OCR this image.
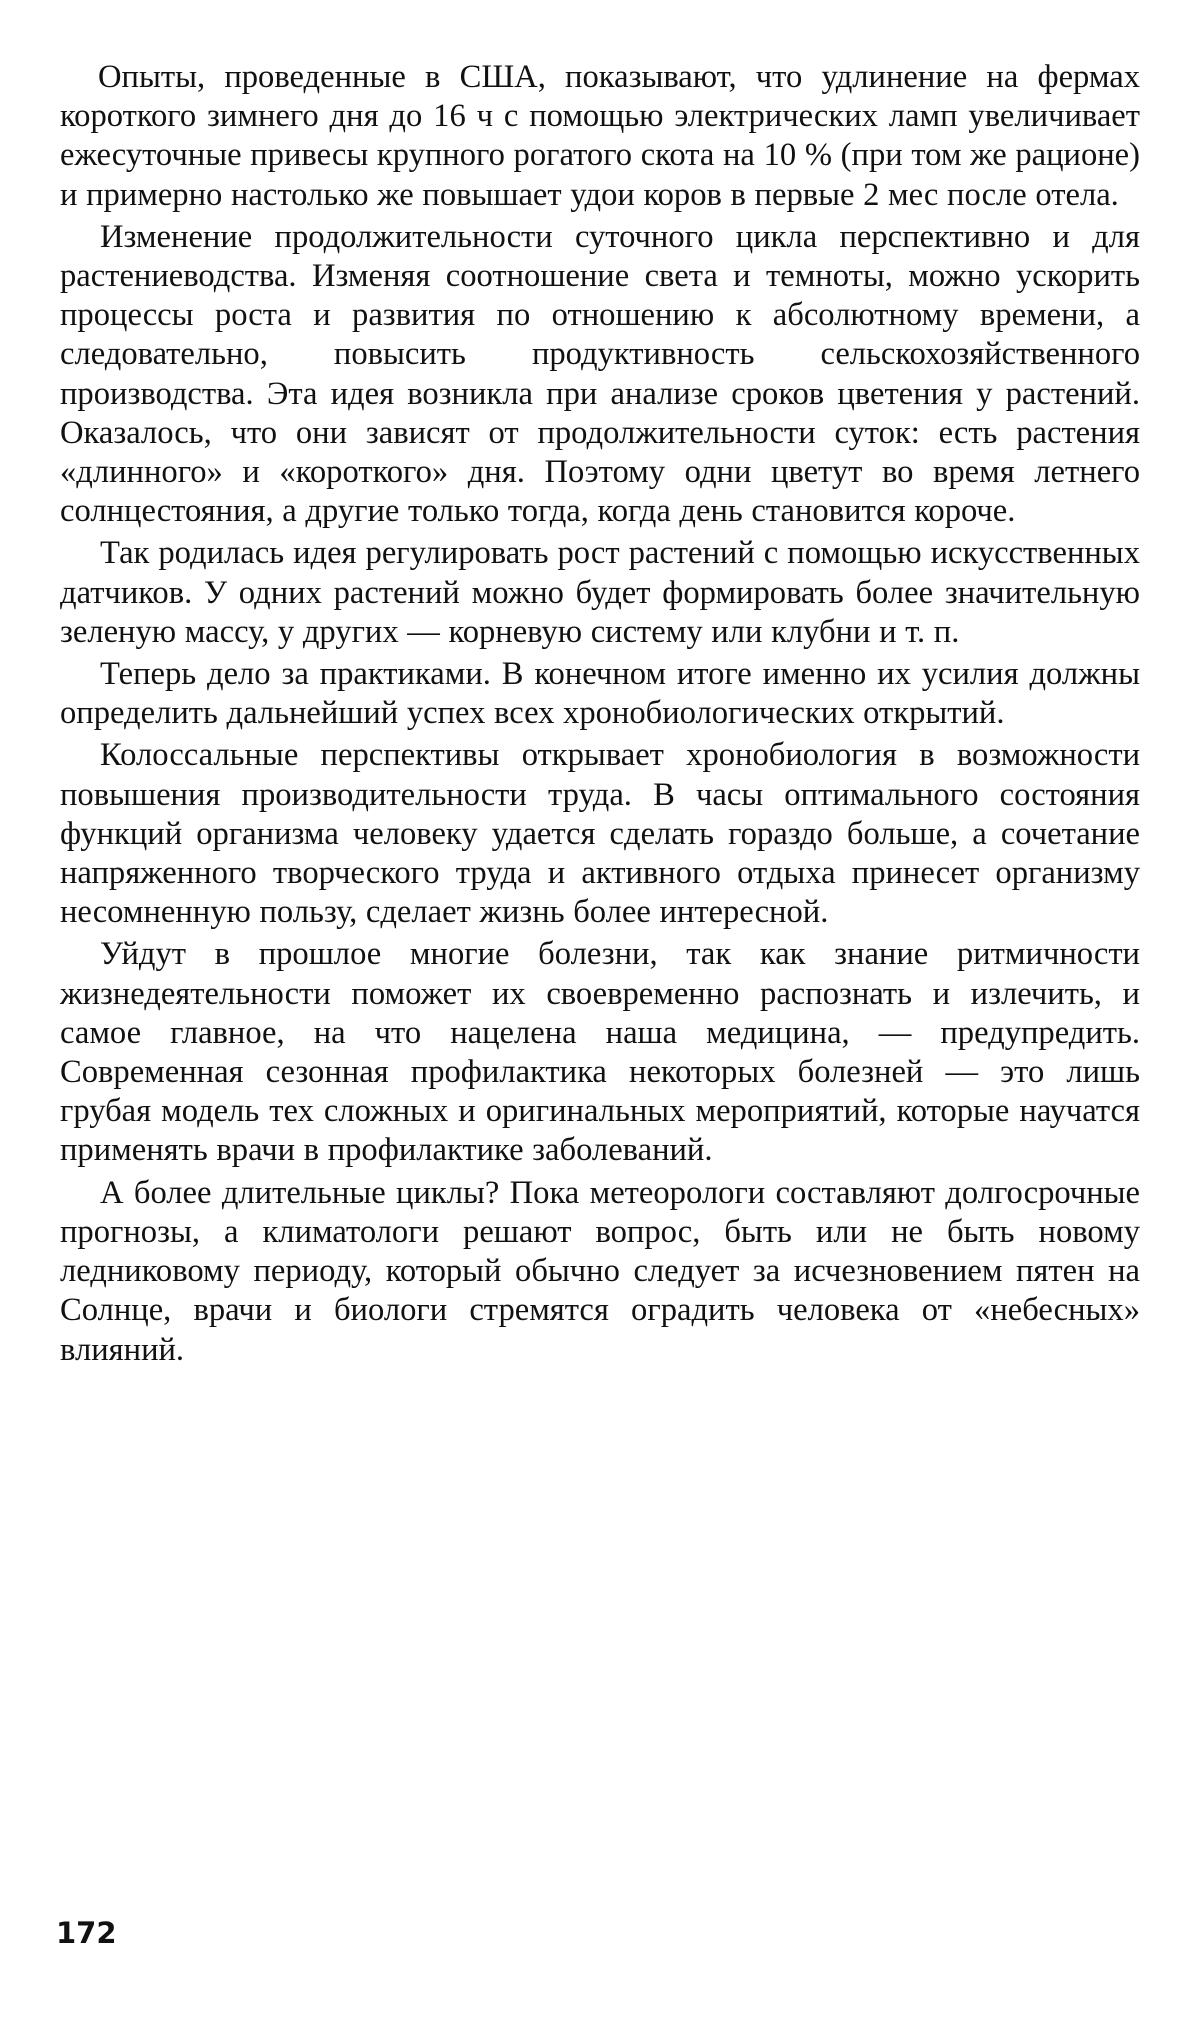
Опыты, проведенные в США, показывают, что удлинение на фермах короткого зимнего дня до 16 ч с помощью электрических ламп увеличивает ежесуточные привесы крупного рогатого скота на 10 % (при том же рационе) и примерно настолько же повышает удои коров в первые 2 мес после отела.

Изменение продолжительности суточного цикла перспективно и для растениеводства. Изменяя соотношение света и темноты, можно ускорить процессы роста и развития по отношению к абсолютному времени, а следовательно, повысить продуктивность сельскохозяйственного производства. Эта идея возникла при анализе сроков цветения у растений. Оказалось, что они зависят от продолжительности суток: есть растения «длинного» и «короткого» дня. Поэтому одни цветут во время летнего солнцестояния, а другие только тогда, когда день становится короче.

Так родилась идея регулировать рост растений с помощью искусственных датчиков. У одних растений можно будет формировать более значительную зеленую массу, у других — корневую систему или клубни и т. п.

Теперь дело за практиками. В конечном итоге именно их усилия должны определить дальнейший успех всех хронобиологических открытий.

Колоссальные перспективы открывает хронобиология в возможности повышения производительности труда. В часы оптимального состояния функций организма человеку удается сделать гораздо больше, а сочетание напряженного творческого труда и активного отдыха принесет организму несомненную пользу, сделает жизнь более интересной.

Уйдут в прошлое многие болезни, так как знание ритмичности жизнедеятельности поможет их своевременно распознать и излечить, и самое главное, на что нацелена наша медицина, — предупредить. Современная сезонная профилактика некоторых болезней — это лишь грубая модель тех сложных и оригинальных мероприятий, которые научатся применять врачи в профилактике заболеваний.

А более длительные циклы? Пока метеорологи составляют долгосрочные прогнозы, а климатологи решают вопрос, быть или не быть новому ледниковому периоду, который обычно следует за исчезновением пятен на Солнце, врачи и биологи стремятся оградить человека от «небесных» влияний.

172
